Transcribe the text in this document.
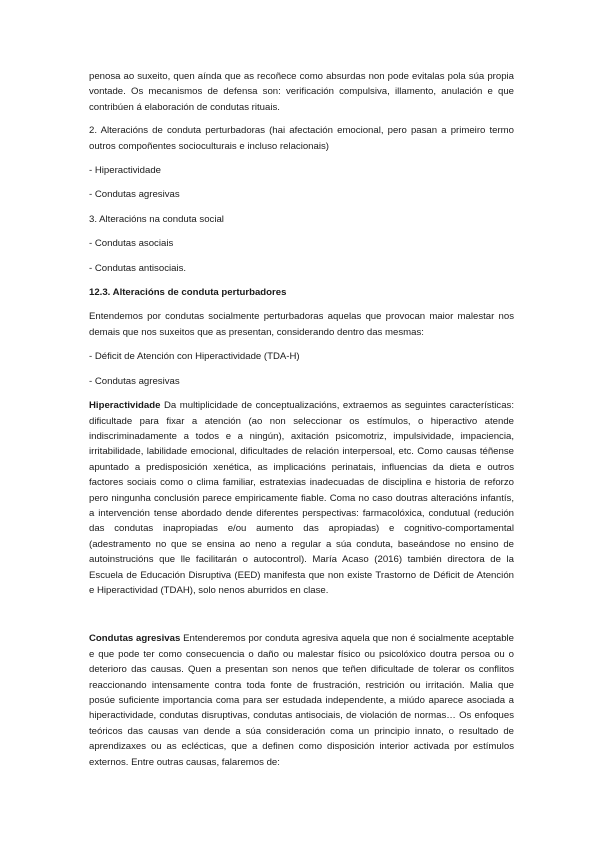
penosa ao suxeito, quen aínda que as recoñece como absurdas non pode evitalas pola súa propia vontade. Os mecanismos de defensa son: verificación compulsiva, illamento, anulación e que contribúen á elaboración de condutas rituais.

2. Alteracións de conduta perturbadoras (hai afectación emocional, pero pasan a primeiro termo outros compoñentes socioculturais e incluso relacionais)

- Hiperactividade

- Condutas agresivas

3. Alteracións na conduta social

- Condutas asociais

- Condutas antisociais.

12.3. Alteracións de conduta perturbadores

Entendemos por condutas socialmente perturbadoras aquelas que provocan maior malestar nos demais que nos suxeitos que as presentan, considerando dentro das mesmas:

- Déficit de Atención con Hiperactividade (TDA-H)

- Condutas agresivas

Hiperactividade Da multiplicidade de conceptualizacións, extraemos as seguintes características: dificultade para fixar a atención (ao non seleccionar os estímulos, o hiperactivo atende indiscriminadamente a todos e a ningún), axitación psicomotriz, impulsividade, impaciencia, irritabilidade, labilidade emocional, dificultades de relación interpersoal, etc. Como causas téñense apuntado a predisposición xenética, as implicacións perinatais, influencias da dieta e outros factores sociais como o clima familiar, estratexias inadecuadas de disciplina e historia de reforzo pero ningunha conclusión parece empiricamente fiable. Coma no caso doutras alteracións infantís, a intervención tense abordado dende diferentes perspectivas: farmacolóxica, condutual (redución das condutas inapropiadas e/ou aumento das apropiadas) e cognitivo-comportamental (adestramento no que se ensina ao neno a regular a súa conduta, baseándose no ensino de autoinstrucións que lle facilitarán o autocontrol). María Acaso (2016) también directora de la Escuela de Educación Disruptiva (EED) manifesta que non existe Trastorno de Déficit de Atención e Hiperactividad (TDAH), solo nenos aburridos en clase.

Condutas agresivas Entenderemos por conduta agresiva aquela que non é socialmente aceptable e que pode ter como consecuencia o daño ou malestar físico ou psicolóxico doutra persoa ou o deterioro das causas. Quen a presentan son nenos que teñen dificultade de tolerar os conflitos reaccionando intensamente contra toda fonte de frustración, restrición ou irritación. Malia que posúe suficiente importancia coma para ser estudada independente, a miúdo aparece asociada a hiperactividade, condutas disruptivas, condutas antisociais, de violación de normas… Os enfoques teóricos das causas van dende a súa consideración coma un principio innato, o resultado de aprendizaxes ou as eclécticas, que a definen como disposición interior activada por estímulos externos. Entre outras causas, falaremos de:
